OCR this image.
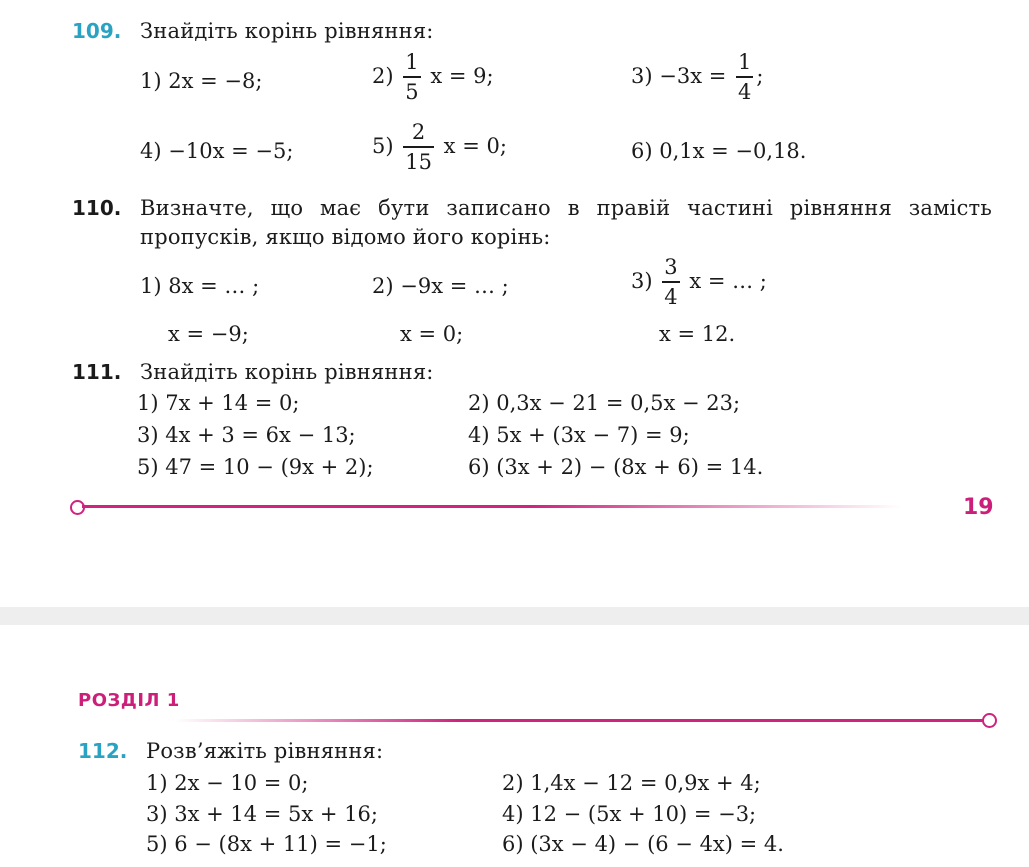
109. Знайдіть корінь рівняння:
1) 2x = −8;	$2) \frac{1}{5}$ x = 9;	$3) -3x = \frac{1}{4}$ ;
4) −10x = −5;	$5) \frac{2}{15}$ x = 0;	6) 0,1x = −0,18.
110. Визначте, що має бути записано в правій частині рівняння замість
пропусків, якщо відомо його корінь:
1) 8x = … ;	2) −9x = … ;	$3) \frac{3}{4}$ x = … ;
x = −9;	x = 0;	x = 12.
111. Знайдіть корінь рівняння:
1) 7x + 14 = 0;	2) 0,3x − 21 = 0,5x − 23;
3) 4x + 3 = 6x − 13;	4) 5x + (3x − 7) = 9;
5) 47 = 10 − (9x + 2);	6) (3x + 2) − (8x + 6) = 14.
19
РОЗДІЛ 1
112. Розв’яжіть рівняння:
1) 2x − 10 = 0;	2) 1,4x − 12 = 0,9x + 4;
3) 3x + 14 = 5x + 16;	4) 12 − (5x + 10) = −3;
5) 6 − (8x + 11) = −1;	6) (3x − 4) − (6 − 4x) = 4.
